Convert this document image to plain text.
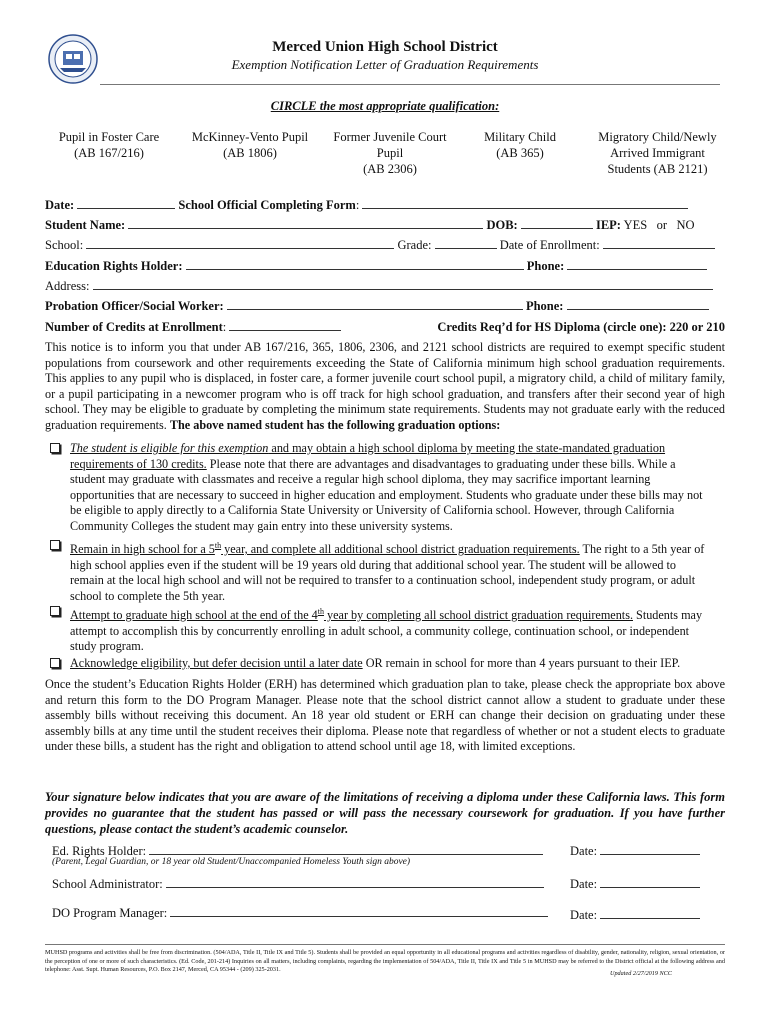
Merced Union High School District
Exemption Notification Letter of Graduation Requirements
CIRCLE the most appropriate qualification:
Pupil in Foster Care
(AB 167/216)
McKinney-Vento Pupil
(AB 1806)
Former Juvenile Court
Pupil
(AB 2306)
Military Child
(AB 365)
Migratory Child/Newly
Arrived Immigrant
Students (AB 2121)
Date:	School Official Completing Form:
Student Name:	DOB:	IEP: YES or NO
School:	Grade:	Date of Enrollment:
Education Rights Holder:	Phone:
Address:
Probation Officer/Social Worker:	Phone:
Number of Credits at Enrollment:	Credits Req’d for HS Diploma (circle one): 220 or 210
This notice is to inform you that under AB 167/216, 365, 1806, 2306, and 2121 school districts are required to exempt specific student populations from coursework and other requirements exceeding the State of California minimum high school graduation requirements. This applies to any pupil who is displaced, in foster care, a former juvenile court school pupil, a migratory child, a child of military family, or a pupil participating in a newcomer program who is off track for high school graduation, and transfers after their second year of high school. They may be eligible to graduate by completing the minimum state requirements. Students may not graduate early with the reduced graduation requirements. The above named student has the following graduation options:
The student is eligible for this exemption and may obtain a high school diploma by meeting the state-mandated graduation requirements of 130 credits. Please note that there are advantages and disadvantages to graduating under these bills. While a student may graduate with classmates and receive a regular high school diploma, they may sacrifice important learning opportunities that are necessary to succeed in higher education and employment. Students who graduate under these bills may not be eligible to apply directly to a California State University or University of California school. However, through California Community Colleges the student may gain entry into these university systems.
Remain in high school for a 5th year, and complete all additional school district graduation requirements. The right to a 5th year of high school applies even if the student will be 19 years old during that additional school year. The student will be allowed to remain at the local high school and will not be required to transfer to a continuation school, independent study program, or adult school to complete the 5th year.
Attempt to graduate high school at the end of the 4th year by completing all school district graduation requirements. Students may attempt to accomplish this by concurrently enrolling in adult school, a community college, continuation school, or independent study program.
Acknowledge eligibility, but defer decision until a later date OR remain in school for more than 4 years pursuant to their IEP.
Once the student’s Education Rights Holder (ERH) has determined which graduation plan to take, please check the appropriate box above and return this form to the DO Program Manager. Please note that the school district cannot allow a student to graduate under these assembly bills without receiving this document. An 18 year old student or ERH can change their decision on graduating under these assembly bills at any time until the student receives their diploma. Please note that regardless of whether or not a student elects to graduate under these bills, a student has the right and obligation to attend school until age 18, with limited exceptions.
Your signature below indicates that you are aware of the limitations of receiving a diploma under these California laws. This form provides no guarantee that the student has passed or will pass the necessary coursework for graduation. If you have further questions, please contact the student’s academic counselor.
Ed. Rights Holder:	Date:
(Parent, Legal Guardian, or 18 year old Student/Unaccompanied Homeless Youth sign above)
School Administrator:	Date:
DO Program Manager:	Date:
MUHSD programs and activities shall be free from discrimination. (504/ADA, Title II, Title IX and Title 5). Students shall be provided an equal opportunity in all educational programs and activities regardless of disability, gender, nationality, religion, sexual orientation, or the perception of one or more of such characteristics. (Ed. Code, 201-214) Inquiries on all matters, including complaints, regarding the implementation of 504/ADA, Title II, Title IX and Title 5 in MUHSD may be referred to the District official at the following address and telephone: Asst. Supt. Human Resources, P.O. Box 2147, Merced, CA 95344 - (209) 325-2031.
Updated 2/27/2019 NCC
